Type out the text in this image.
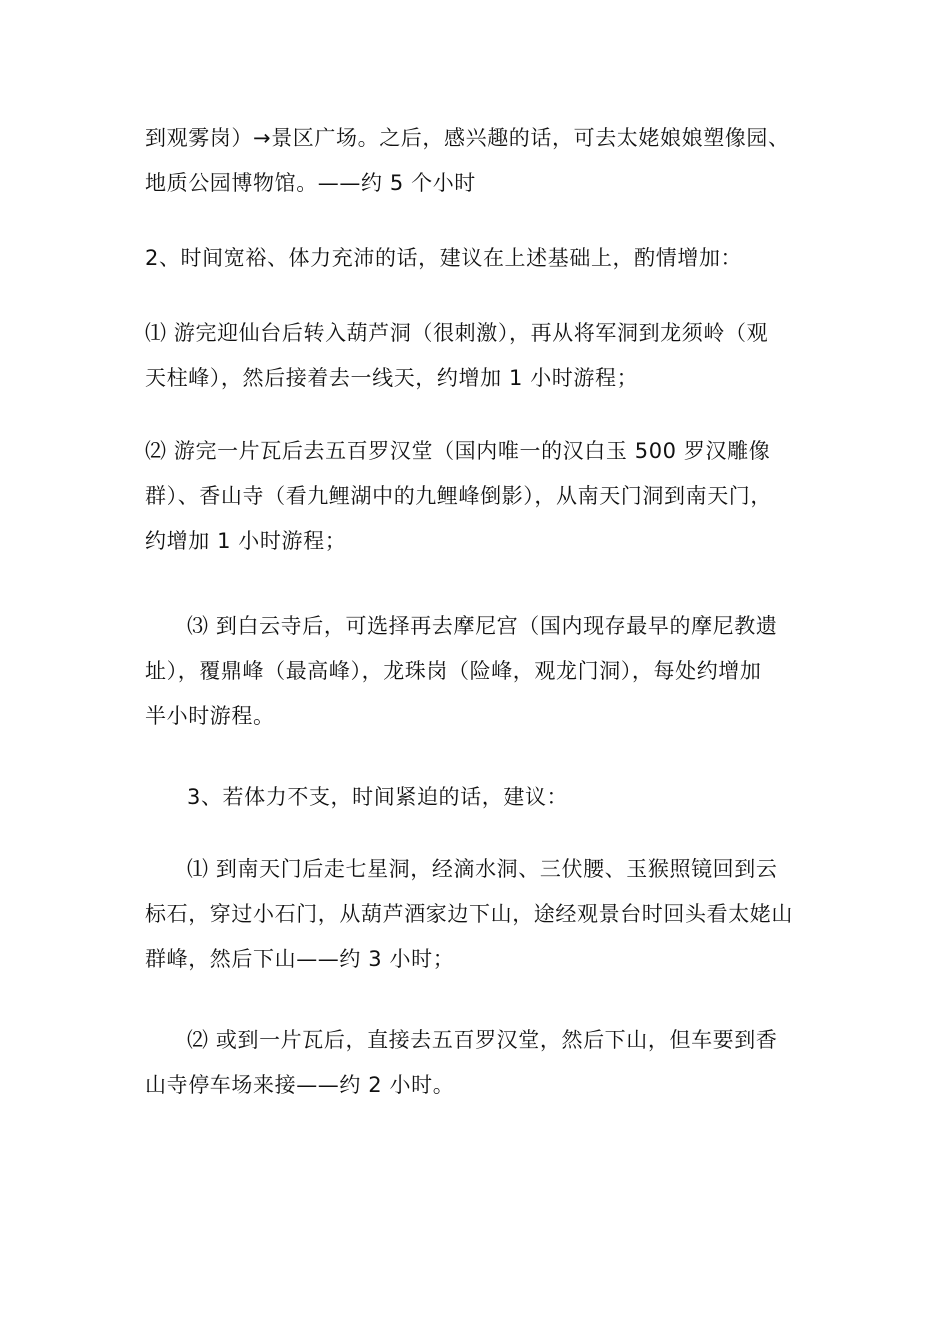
到观雾岗）→景区广场。之后，感兴趣的话，可去太姥娘娘塑像园、
地质公园博物馆。——约 5 个小时

2、时间宽裕、体力充沛的话，建议在上述基础上，酌情增加：

⑴ 游完迎仙台后转入葫芦洞（很刺激），再从将军洞到龙须岭（观
天柱峰），然后接着去一线天，约增加 1 小时游程；

⑵ 游完一片瓦后去五百罗汉堂（国内唯一的汉白玉 500 罗汉雕像
群）、香山寺（看九鲤湖中的九鲤峰倒影），从南天门洞到南天门，
约增加 1 小时游程；

⑶ 到白云寺后，可选择再去摩尼宫（国内现存最早的摩尼教遗
址），覆鼎峰（最高峰），龙珠岗（险峰，观龙门洞），每处约增加
半小时游程。

3、若体力不支，时间紧迫的话，建议：

⑴ 到南天门后走七星洞，经滴水洞、三伏腰、玉猴照镜回到云
标石，穿过小石门，从葫芦酒家边下山，途经观景台时回头看太姥山
群峰，然后下山——约 3 小时；

⑵ 或到一片瓦后，直接去五百罗汉堂，然后下山，但车要到香
山寺停车场来接——约 2 小时。
